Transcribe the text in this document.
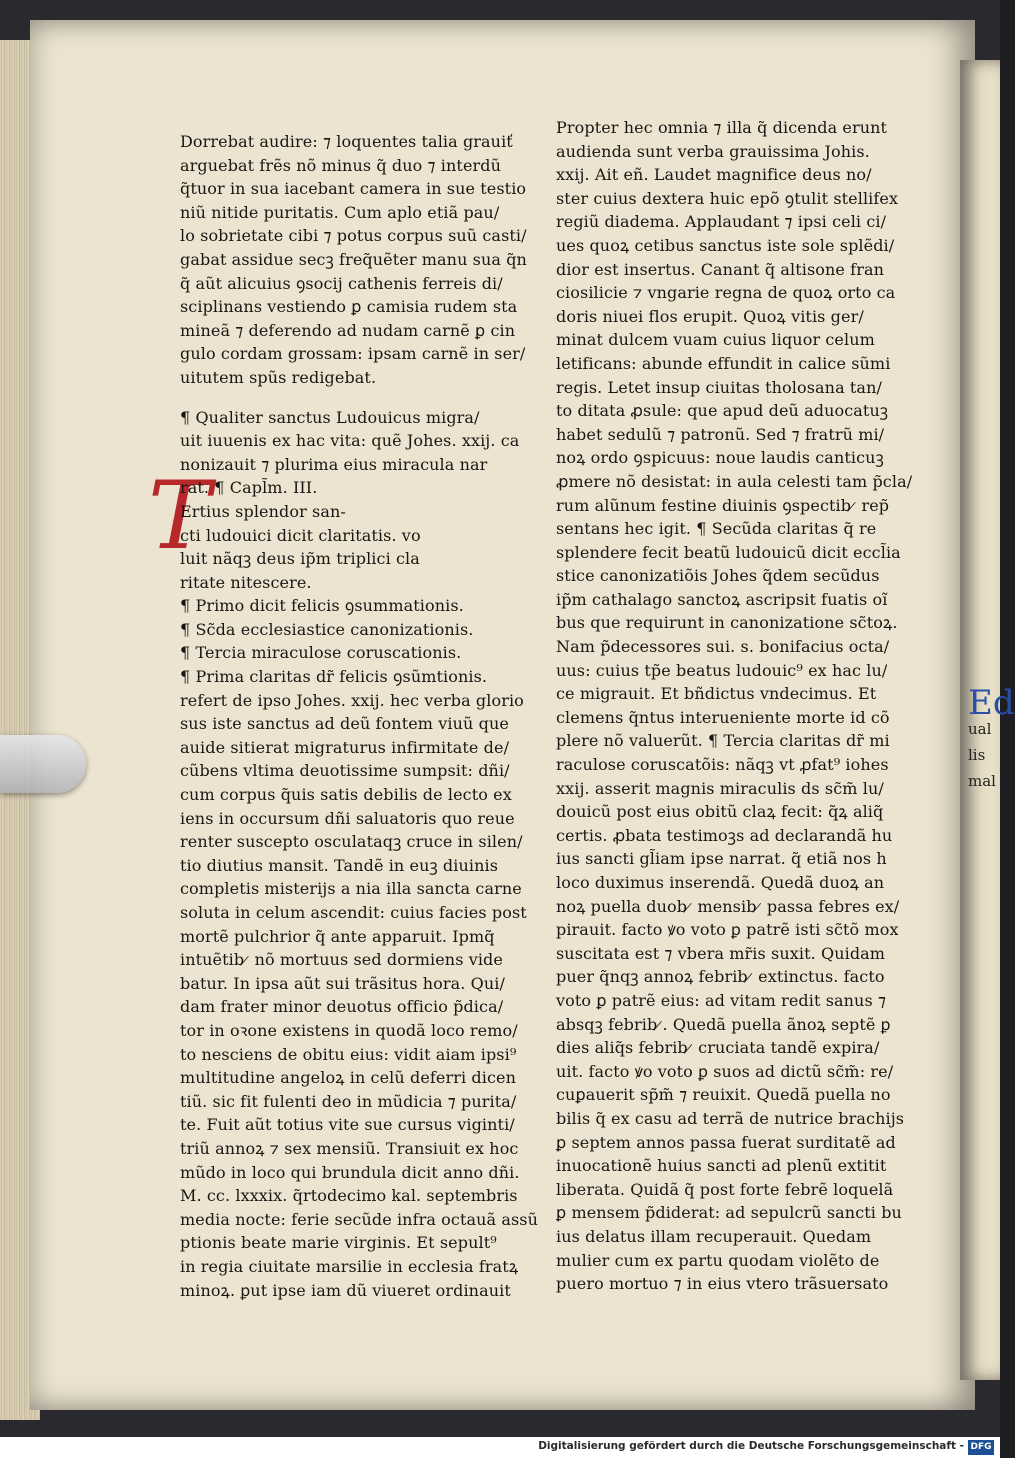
Ed
ual
lis
mal
T
Dorrebat audire: ⁊ loquentes talia grauiť
arguebat frẽs nõ minus q̃ duo ⁊ interdũ
q̃tuor in sua iacebant camera in sue testio
niũ nitide puritatis. Cum aplo etiã pau/
lo sobrietate cibi ⁊ potus corpus suũ casti/
gabat assidue secꝫ freq̃uẽter manu sua q̃n
q̃ aũt alicuius ꝯsocij cathenis ferreis di/
sciplinans vestiendo ꝑ camisia rudem sta
mineã ⁊ deferendo ad nudam carnẽ ꝑ cin
gulo cordam grossam: ipsam carnẽ in ser/
uitutem spũs redigebat.
¶ Qualiter sanctus Ludouicus migra/
uit iuuenis ex hac vita: quẽ Johes. xxij. ca
nonizauit ⁊ plurima eius miracula nar
rat. ¶ Capl̃m. III.
Ertius splendor san-
cti ludouici dicit claritatis. vo
luit nãqꝫ deus ip̃m triplici cla
ritate nitescere.
¶ Primo dicit felicis ꝯsummationis.
¶ Sc̃da ecclesiastice canonizationis.
¶ Tercia miraculose coruscationis.
¶ Prima claritas dr̃ felicis ꝯsũmtionis.
refert de ipso Johes. xxij. hec verba glorio
sus iste sanctus ad deũ fontem viuũ que
auide sitierat migraturus infirmitate de/
cũbens vltima deuotissime sumpsit: dñi/
cum corpus q̃uis satis debilis de lecto ex
iens in occursum dñi saluatoris quo reue
renter suscepto osculataqꝫ cruce in silen/
tio diutius mansit. Tandẽ in euꝫ diuinis
completis misterijs a nia illa sancta carne
soluta in celum ascendit: cuius facies post
mortẽ pulchrior q̃ ante apparuit. Ipmq̃
intuẽtib ̷ nõ mortuus sed dormiens vide
batur. In ipsa aũt sui trãsitus hora. Qui/
dam frater minor deuotus officio p̃dica/
tor in oꝛone existens in quodã loco remo/
to nesciens de obitu eius: vidit aiam ipsi⁹
multitudine angeloꝝ in celũ deferri dicen
tiũ. sic fit fulenti deo in mũdicia ⁊ purita/
te. Fuit aũt totius vite sue cursus viginti/
triũ annoꝝ ⁊ sex mensiũ. Transiuit ex hoc
mũdo in loco qui brundula dicit anno dñi.
M. cc. lxxxix. q̃rtodecimo kal. septembris
media nocte: ferie secũde infra octauã assũ
ptionis beate marie virginis. Et sepult⁹
in regia ciuitate marsilie in ecclesia fratꝝ
minoꝝ. ꝑut ipse iam dũ viueret ordinauit
Propter hec omnia ⁊ illa q̃ dicenda erunt
audienda sunt verba grauissima Johis.
xxij. Ait eñ. Laudet magnifice deus no/
ster cuius dextera huic epõ ꝯtulit stellifex
regiũ diadema. Applaudant ⁊ ipsi celi ci/
ues quoꝝ cetibus sanctus iste sole splẽdi/
dior est insertus. Canant q̃ altisone fran
ciosilicie ⁊ vngarie regna de quoꝝ orto ca
doris niuei flos erupit. Quoꝝ vitis ger/
minat dulcem vuam cuius liquor celum
letificans: abunde effundit in calice sũmi
regis. Letet insup ciuitas tholosana tan/
to ditata ꝓsule: que apud deũ aduocatuꝫ
habet sedulũ ⁊ patronũ. Sed ⁊ fratrũ mi/
noꝝ ordo ꝯspicuus: noue laudis canticuꝫ
ꝓmere nõ desistat: in aula celesti tam p̃cla/
rum alũnum festine diuinis ꝯspectib ̷ rep̃
sentans hec igit. ¶ Secũda claritas q̃ re
splendere fecit beatũ ludouicũ dicit eccl̃ia
stice canonizatiõis Johes q̃dem secũdus
ip̃m cathalago sanctoꝝ ascripsit fuatis oĩ
bus que requirunt in canonizatione sc̃toꝝ.
Nam p̃decessores sui. s. bonifacius octa/
uus: cuius tp̃e beatus ludouic⁹ ex hac lu/
ce migrauit. Et bñdictus vndecimus. Et
clemens q̃ntus interueniente morte id cõ
plere nõ valuerũt. ¶ Tercia claritas dr̃ mi
raculose coruscatõis: nãqꝫ vt ꝓfat⁹ iohes
xxij. asserit magnis miraculis ds sc̃m̃ lu/
douicũ post eius obitũ claꝝ fecit: q̃ꝝ aliq̃
certis. ꝓbata testimoꝫs ad declarandã hu
ius sancti gl̃iam ipse narrat. q̃ etiã nos h
loco duximus inserendã. Quedã duoꝝ an
noꝝ puella duob ̷ mensib ̷ passa febres ex/
pirauit. facto ꝟo voto ꝑ patrẽ isti sc̃tõ mox
suscitata est ⁊ vbera mr̃is suxit. Quidam
puer q̃nqꝫ annoꝝ febrib ̷ extinctus. facto
voto ꝑ patrẽ eius: ad vitam redit sanus ⁊
absqꝫ febrib ̷. Quedã puella ãnoꝝ septẽ ꝑ
dies aliq̃s febrib ̷ cruciata tandẽ expira/
uit. facto ꝟo voto ꝑ suos ad dictũ sc̃m̃: re/
cuꝑauerit sp̃m̃ ⁊ reuixit. Quedã puella no
bilis q̃ ex casu ad terrã de nutrice brachijs
ꝑ septem annos passa fuerat surditatẽ ad
inuocationẽ huius sancti ad plenũ extitit
liberata. Quidã q̃ post forte febrẽ loquelã
ꝑ mensem p̃diderat: ad sepulcrũ sancti bu
ius delatus illam recuperauit. Quedam
mulier cum ex partu quodam violẽto de
puero mortuo ⁊ in eius vtero trãsuersato
Digitalisierung gefördert durch die Deutsche Forschungsgemeinschaft - DFG
